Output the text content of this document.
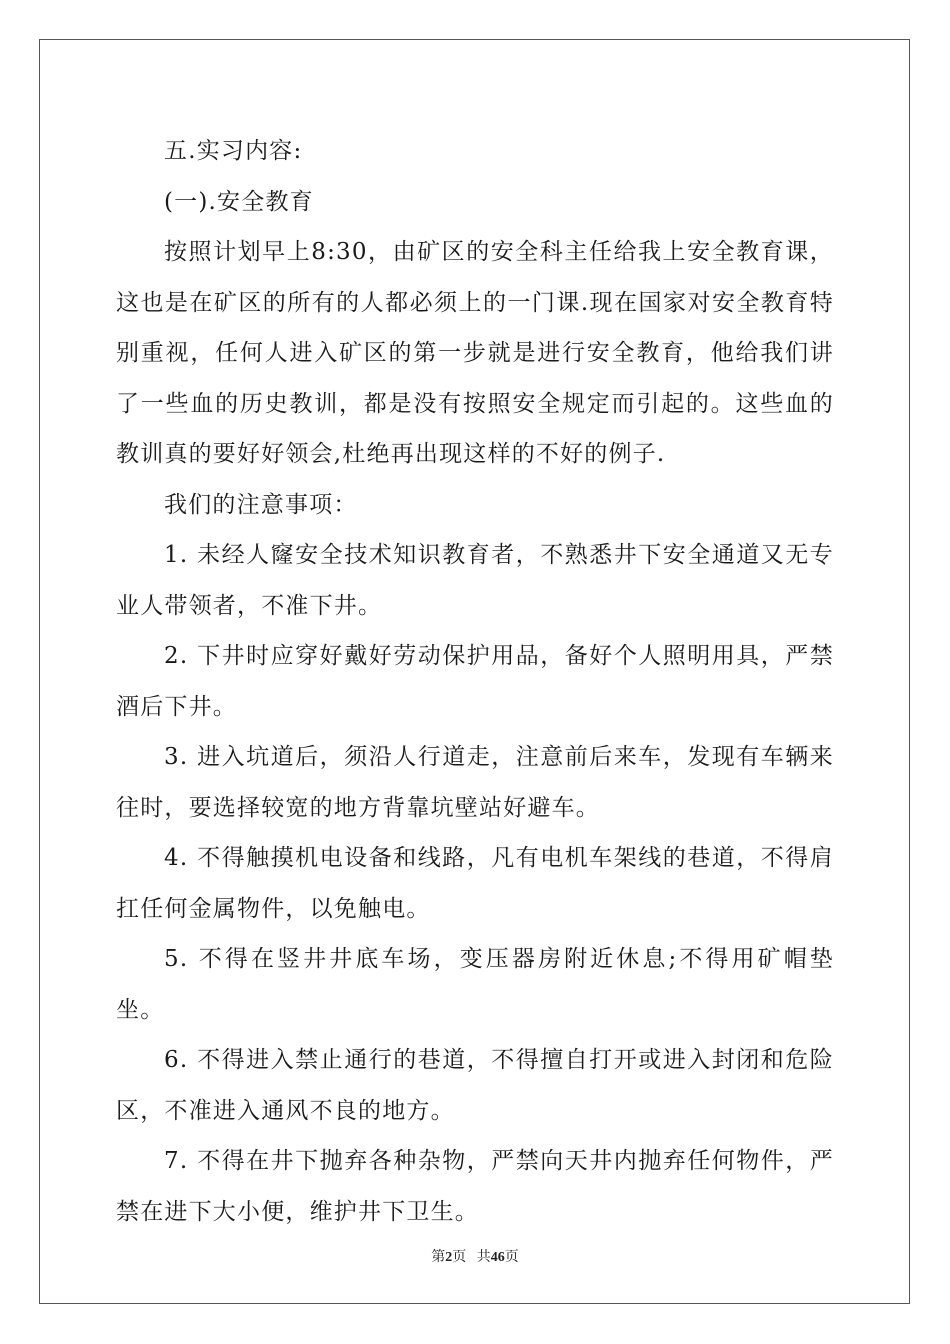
五.实习内容:

(一).安全教育

按照计划早上8:30，由矿区的安全科主任给我上安全教育课，这也是在矿区的所有的人都必须上的一门课.现在国家对安全教育特别重视，任何人进入矿区的第一步就是进行安全教育，他给我们讲了一些血的历史教训，都是没有按照安全规定而引起的。这些血的教训真的要好好领会,杜绝再出现这样的不好的例子.

我们的注意事项：

1. 未经人窿安全技术知识教育者，不熟悉井下安全通道又无专业人带领者，不准下井。

2. 下井时应穿好戴好劳动保护用品，备好个人照明用具，严禁酒后下井。

3. 进入坑道后，须沿人行道走，注意前后来车，发现有车辆来往时，要选择较宽的地方背靠坑壁站好避车。

4. 不得触摸机电设备和线路，凡有电机车架线的巷道，不得肩扛任何金属物件，以免触电。

5. 不得在竖井井底车场，变压器房附近休息;不得用矿帽垫坐。

6. 不得进入禁止通行的巷道，不得擅自打开或进入封闭和危险区，不准进入通风不良的地方。

7. 不得在井下抛弃各种杂物，严禁向天井内抛弃任何物件，严禁在进下大小便，维护井下卫生。

第2页 共46页
